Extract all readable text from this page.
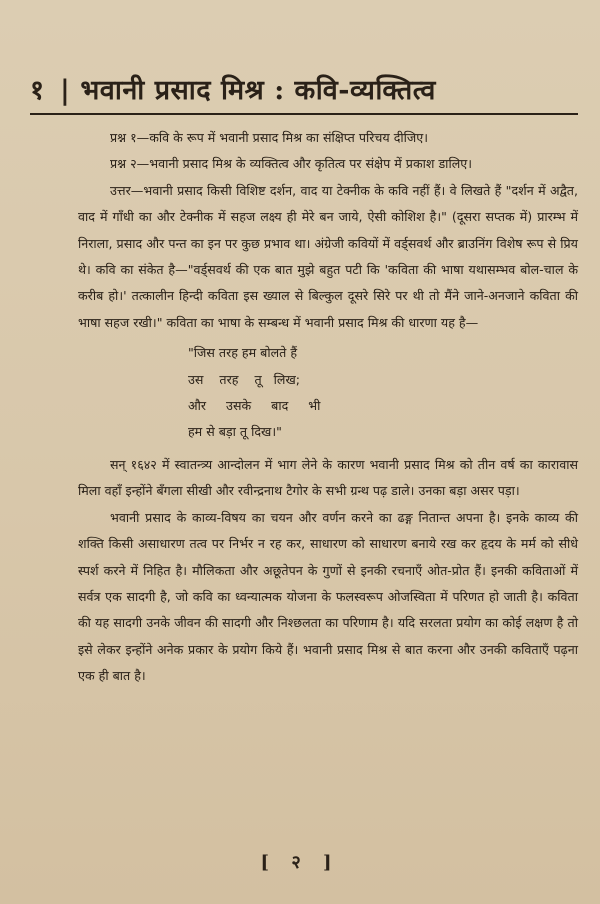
१ | भवानी प्रसाद मिश्र : कवि-व्यक्तित्व

प्रश्न १—कवि के रूप में भवानी प्रसाद मिश्र का संक्षिप्त परिचय दीजिए।

प्रश्न २—भवानी प्रसाद मिश्र के व्यक्तित्व और कृतित्व पर संक्षेप में प्रकाश डालिए।

उत्तर—भवानी प्रसाद किसी विशिष्ट दर्शन, वाद या टेक्नीक के कवि नहीं हैं। वे लिखते हैं "दर्शन में अद्वैत, वाद में गाँधी का और टेक्नीक में सहज लक्ष्य ही मेरे बन जाये, ऐसी कोशिश है।" (दूसरा सप्तक में) प्रारम्भ में निराला, प्रसाद और पन्त का इन पर कुछ प्रभाव था। अंग्रेजी कवियों में वर्ड्सवर्थ और ब्राउनिंग विशेष रूप से प्रिय थे। कवि का संकेत है—"वर्ड्सवर्थ की एक बात मुझे बहुत पटी कि 'कविता की भाषा यथासम्भव बोल-चाल के करीब हो।' तत्कालीन हिन्दी कविता इस ख्याल से बिल्कुल दूसरे सिरे पर थी तो मैंने जाने-अनजाने कविता की भाषा सहज रखी।" कविता का भाषा के सम्बन्ध में भवानी प्रसाद मिश्र की धारणा यह है—

"जिस तरह हम बोलते हैं
उस    तरह    तू   लिख;
और     उसके     बाद     भी
हम से बड़ा तू दिख।"

सन् १६४२ में स्वातन्त्र्य आन्दोलन में भाग लेने के कारण भवानी प्रसाद मिश्र को तीन वर्ष का कारावास मिला वहाँ इन्होंने बँगला सीखी और रवीन्द्रनाथ टैगोर के सभी ग्रन्थ पढ़ डाले। उनका बड़ा असर पड़ा।

भवानी प्रसाद के काव्य-विषय का चयन और वर्णन करने का ढङ्ग नितान्त अपना है। इनके काव्य की शक्ति किसी असाधारण तत्व पर निर्भर न रह कर, साधारण को साधारण बनाये रख कर हृदय के मर्म को सीधे स्पर्श करने में निहित है। मौलिकता और अछूतेपन के गुणों से इनकी रचनाएँ ओत-प्रोत हैं। इनकी कविताओं में सर्वत्र एक सादगी है, जो कवि का ध्वन्यात्मक योजना के फलस्वरूप ओजस्विता में परिणत हो जाती है। कविता की यह सादगी उनके जीवन की सादगी और निश्छलता का परिणाम है। यदि सरलता प्रयोग का कोई लक्षण है तो इसे लेकर इन्होंने अनेक प्रकार के प्रयोग किये हैं। भवानी प्रसाद मिश्र से बात करना और उनकी कविताएँ पढ़ना एक ही बात है।

[ २ ]
